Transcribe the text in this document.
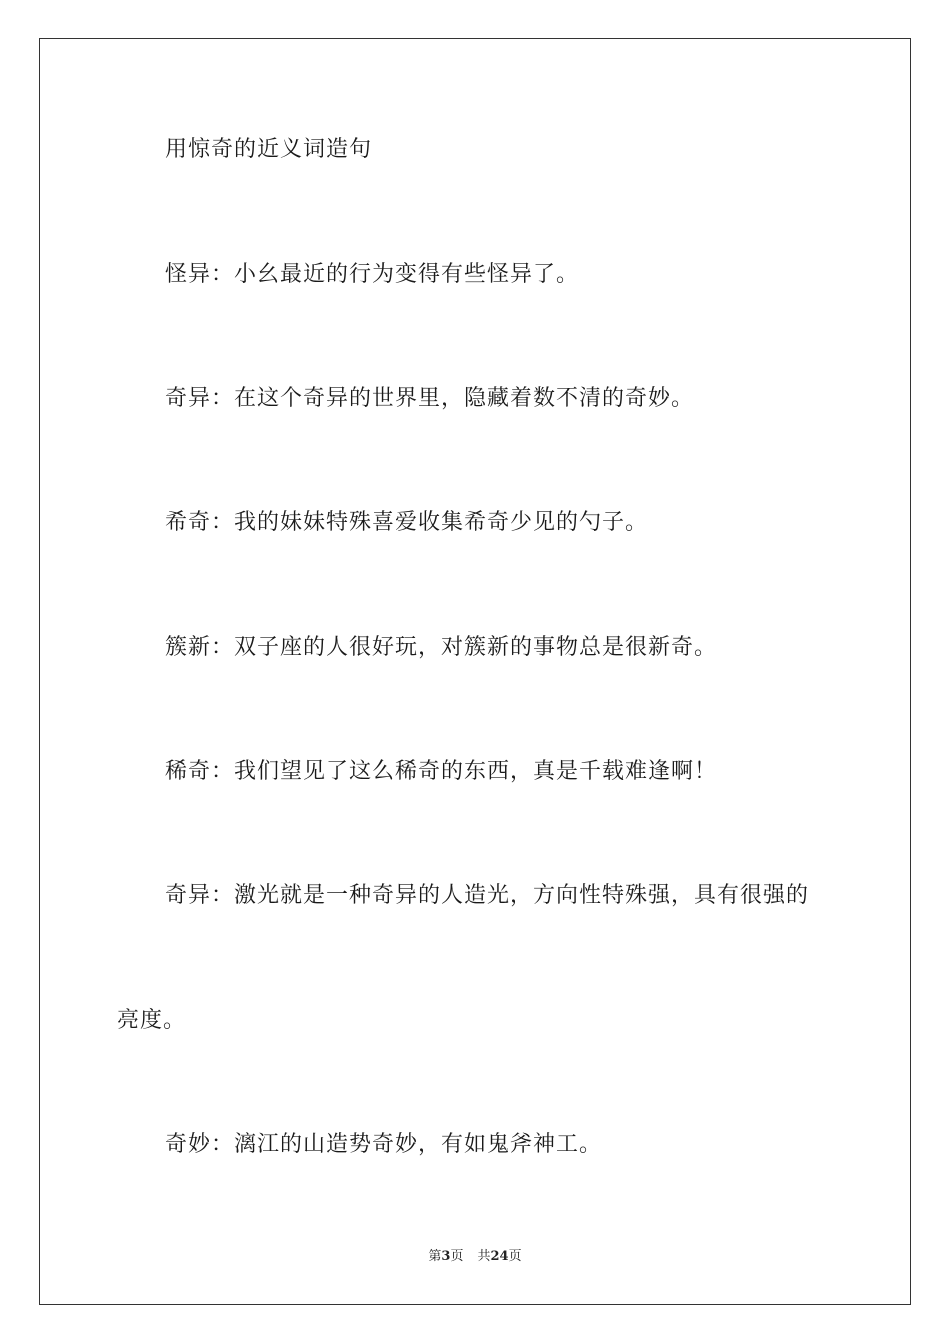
用惊奇的近义词造句
怪异：小幺最近的行为变得有些怪异了。
奇异：在这个奇异的世界里，隐藏着数不清的奇妙。
希奇：我的妹妹特殊喜爱收集希奇少见的勺子。
簇新：双子座的人很好玩，对簇新的事物总是很新奇。
稀奇：我们望见了这么稀奇的东西，真是千载难逢啊！
奇异：激光就是一种奇异的人造光，方向性特殊强，具有很强的
亮度。
奇妙：漓江的山造势奇妙，有如鬼斧神工。
第3页 共24页
